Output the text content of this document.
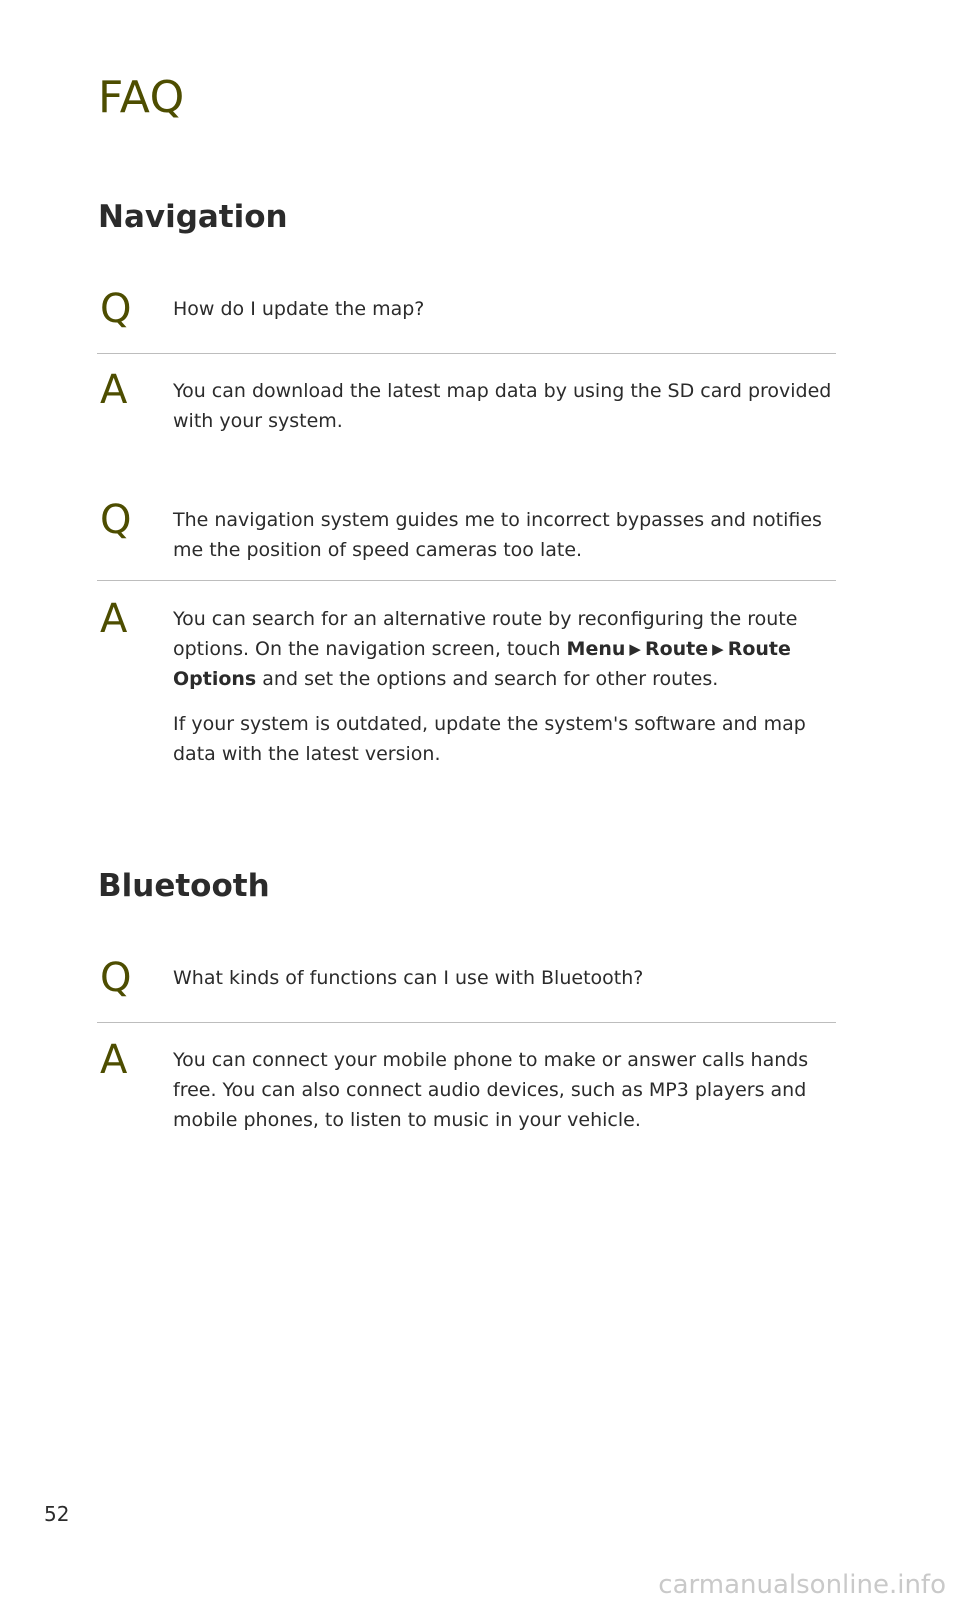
FAQ
Navigation
Q How do I update the map?

A You can download the latest map data by using the SD card provided with your system.

Q The navigation system guides me to incorrect bypasses and notifies me the position of speed cameras too late.

A You can search for an alternative route by reconfiguring the route options. On the navigation screen, touch Menu ▶ Route ▶ Route Options and set the options and search for other routes.
If your system is outdated, update the system's software and map data with the latest version.
Bluetooth
Q What kinds of functions can I use with Bluetooth?

A You can connect your mobile phone to make or answer calls hands free. You can also connect audio devices, such as MP3 players and mobile phones, to listen to music in your vehicle.

52
carmanualsonline.info
